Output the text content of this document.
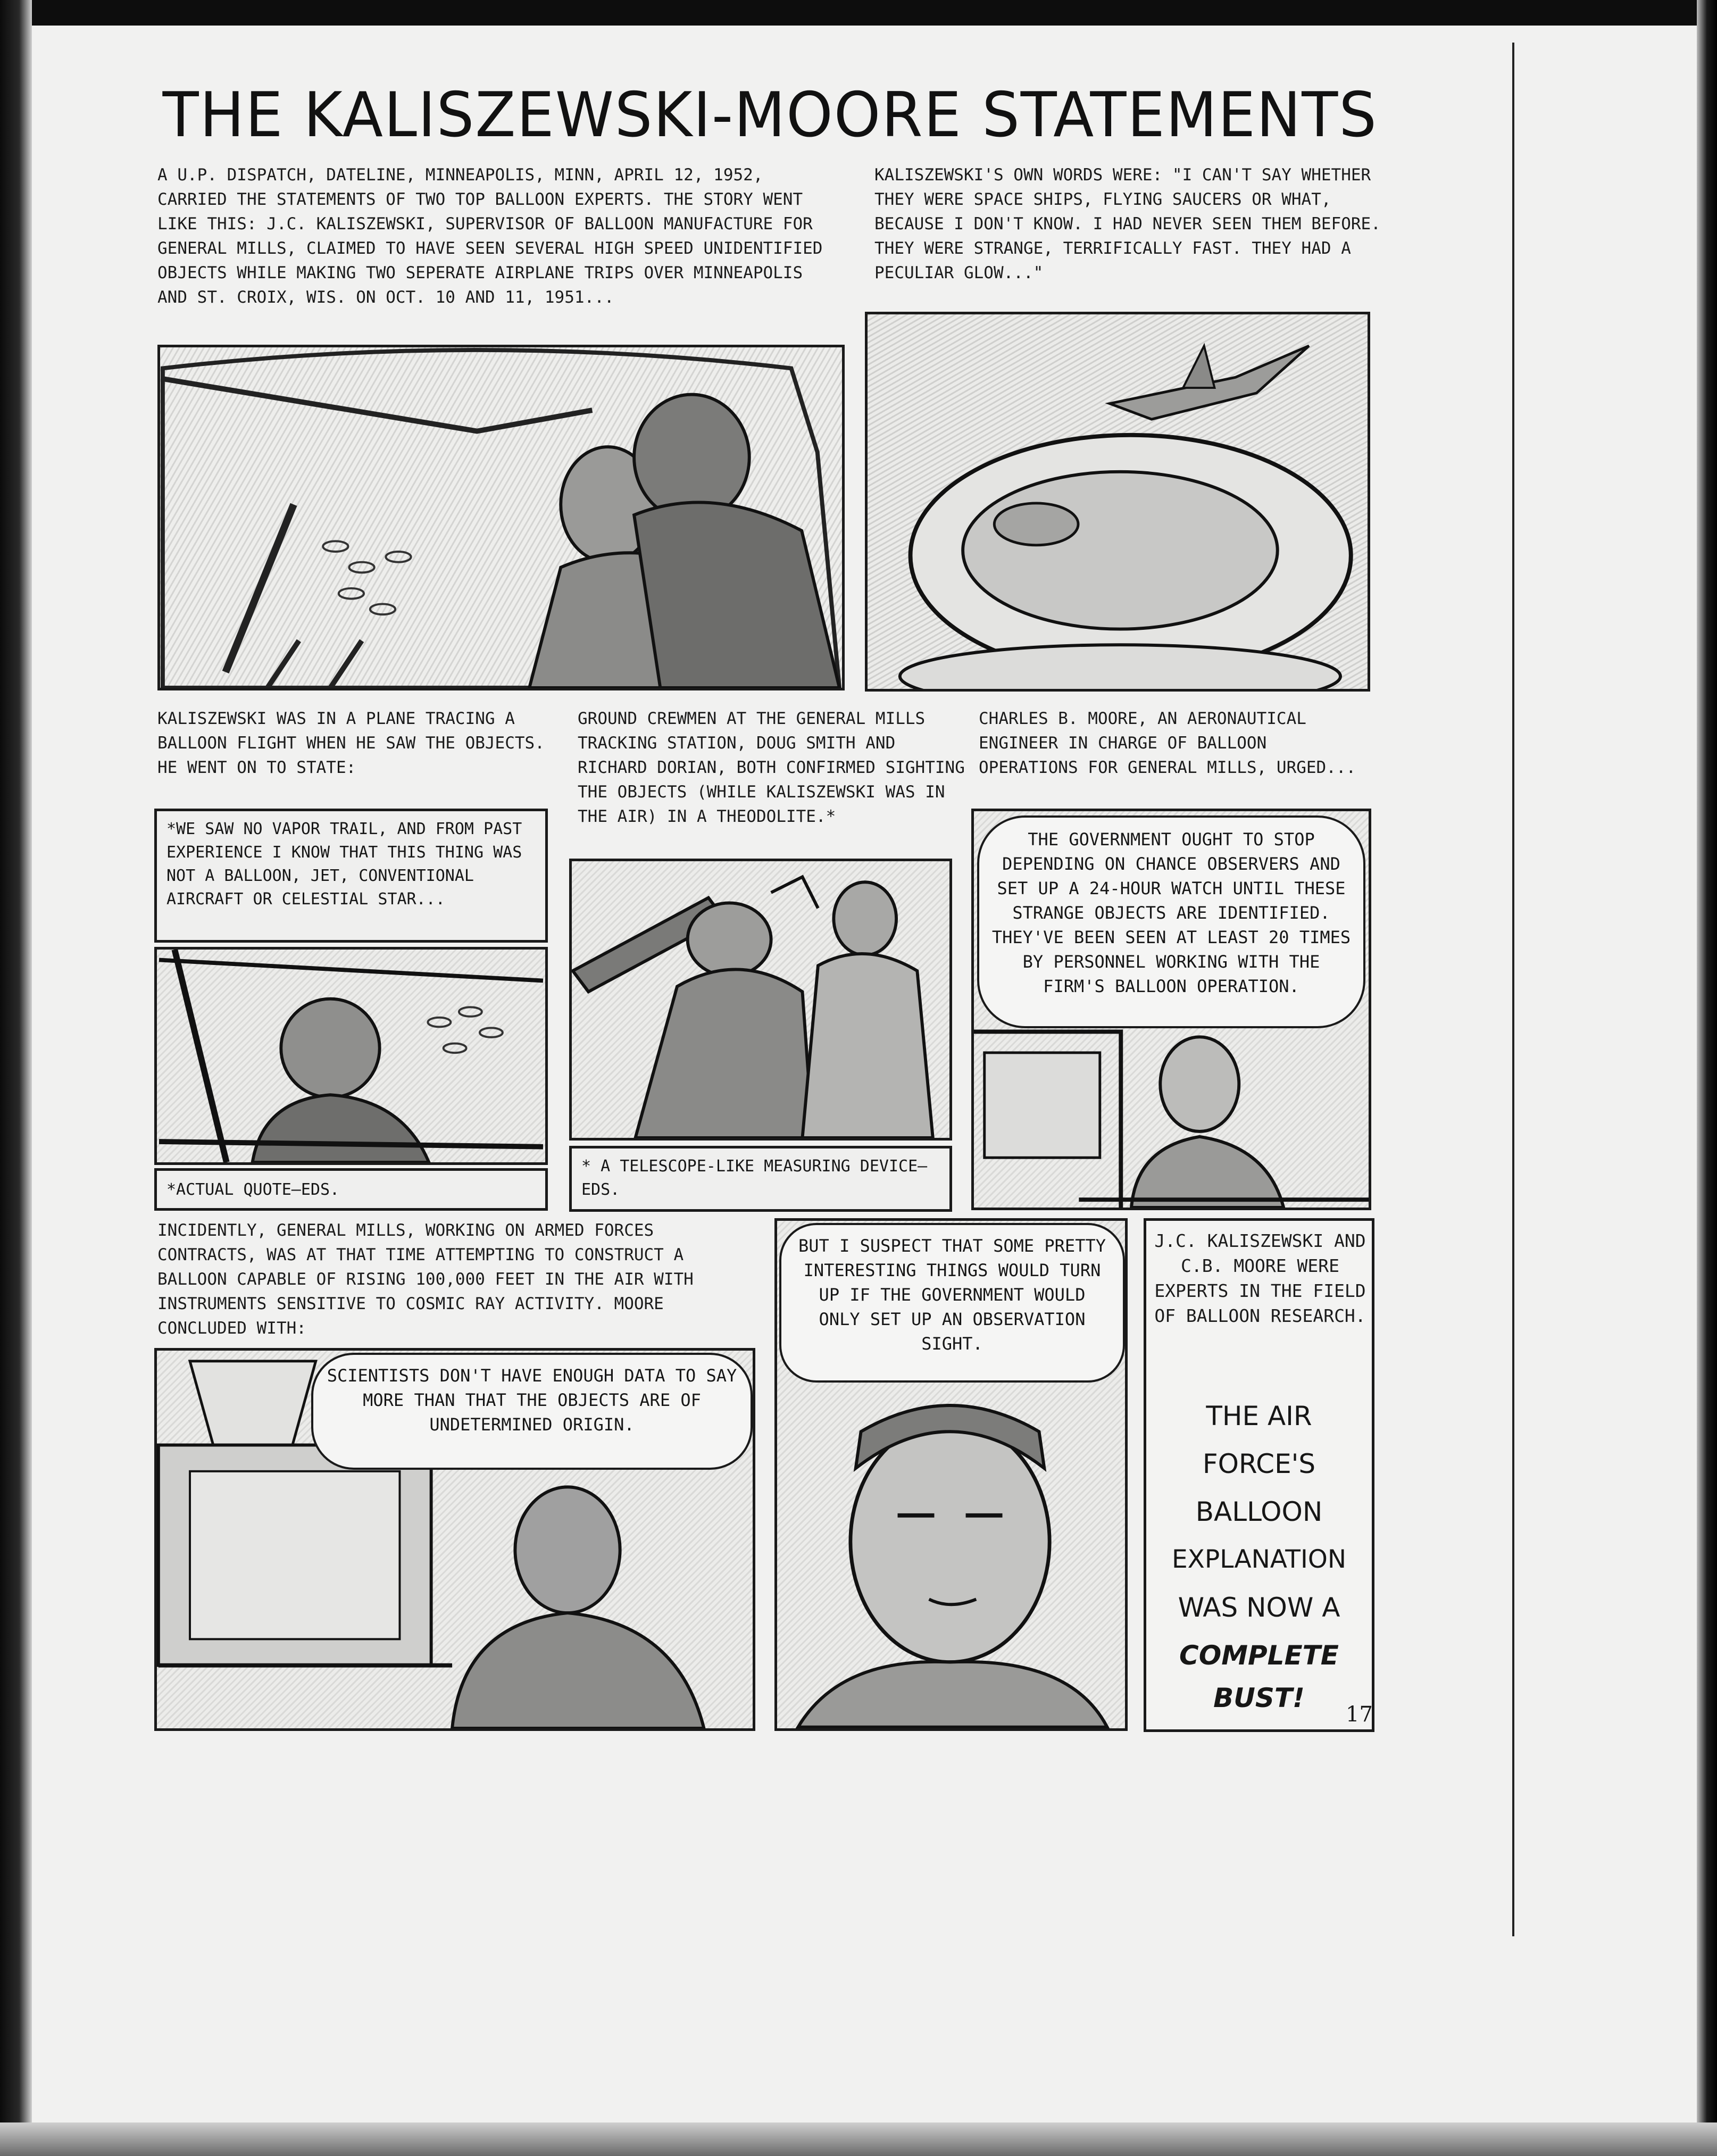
THE KALISZEWSKI-MOORE STATEMENTS
A U.P. DISPATCH, DATELINE, MINNEAPOLIS, MINN, APRIL 12, 1952, CARRIED THE STATEMENTS OF TWO TOP BALLOON EXPERTS. THE STORY WENT LIKE THIS: J.C. KALISZEWSKI, SUPERVISOR OF BALLOON MANUFACTURE FOR GENERAL MILLS, CLAIMED TO HAVE SEEN SEVERAL HIGH SPEED UNIDENTIFIED OBJECTS WHILE MAKING TWO SEPERATE AIRPLANE TRIPS OVER MINNEAPOLIS AND ST. CROIX, WIS. ON OCT. 10 AND 11, 1951...
KALISZEWSKI'S OWN WORDS WERE: "I CAN'T SAY WHETHER THEY WERE SPACE SHIPS, FLYING SAUCERS OR WHAT, BECAUSE I DON'T KNOW. I HAD NEVER SEEN THEM BEFORE. THEY WERE STRANGE, TERRIFICALLY FAST. THEY HAD A PECULIAR GLOW..."
KALISZEWSKI WAS IN A PLANE TRACING A BALLOON FLIGHT WHEN HE SAW THE OBJECTS. HE WENT ON TO STATE:
GROUND CREWMEN AT THE GENERAL MILLS TRACKING STATION, DOUG SMITH AND RICHARD DORIAN, BOTH CONFIRMED SIGHTING THE OBJECTS (WHILE KALISZEWSKI WAS IN THE AIR) IN A THEODOLITE.*
CHARLES B. MOORE, AN AERONAUTICAL ENGINEER IN CHARGE OF BALLOON OPERATIONS FOR GENERAL MILLS, URGED...
*WE SAW NO VAPOR TRAIL, AND FROM PAST EXPERIENCE I KNOW THAT THIS THING WAS NOT A BALLOON, JET, CONVENTIONAL AIRCRAFT OR CELESTIAL STAR...
*ACTUAL QUOTE—EDS.
* A TELESCOPE-LIKE MEASURING DEVICE—EDS.
THE GOVERNMENT OUGHT TO STOP DEPENDING ON CHANCE OBSERVERS AND SET UP A 24-HOUR WATCH UNTIL THESE STRANGE OBJECTS ARE IDENTIFIED. THEY'VE BEEN SEEN AT LEAST 20 TIMES BY PERSONNEL WORKING WITH THE FIRM'S BALLOON OPERATION.
INCIDENTLY, GENERAL MILLS, WORKING ON ARMED FORCES CONTRACTS, WAS AT THAT TIME ATTEMPTING TO CONSTRUCT A BALLOON CAPABLE OF RISING 100,000 FEET IN THE AIR WITH INSTRUMENTS SENSITIVE TO COSMIC RAY ACTIVITY. MOORE CONCLUDED WITH:
SCIENTISTS DON'T HAVE ENOUGH DATA TO SAY MORE THAN THAT THE OBJECTS ARE OF UNDETERMINED ORIGIN.
BUT I SUSPECT THAT SOME PRETTY INTERESTING THINGS WOULD TURN UP IF THE GOVERNMENT WOULD ONLY SET UP AN OBSERVATION SIGHT.
J.C. KALISZEWSKI AND C.B. MOORE WERE EXPERTS IN THE FIELD OF BALLOON RESEARCH.
THE AIR
FORCE'S
BALLOON
EXPLANATION
WAS NOW A
COMPLETE
BUST!
17
